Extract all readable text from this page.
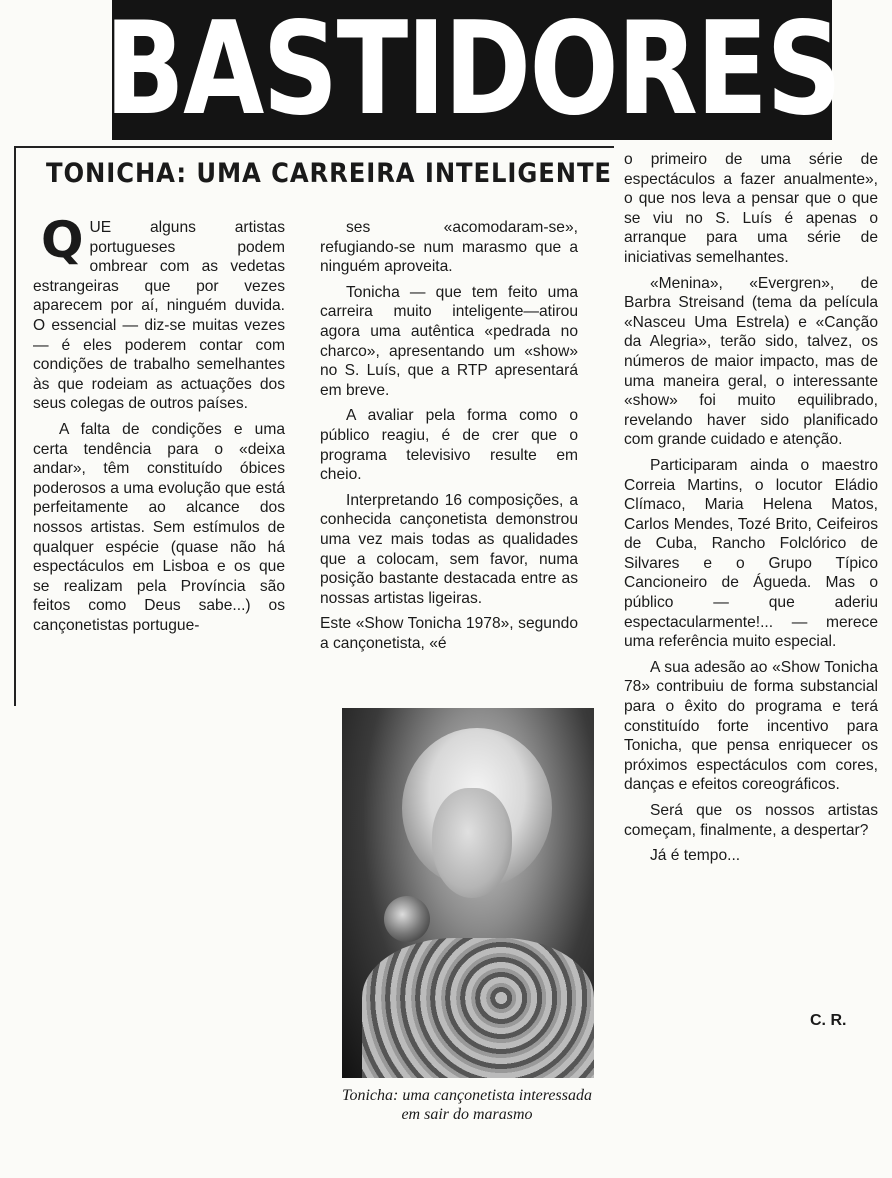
BASTIDORES
TONICHA: UMA CARREIRA INTELIGENTE

QUE alguns artistas portugueses podem ombrear com as vedetas estrangeiras que por vezes aparecem por aí, ninguém duvida. O essencial — diz-se muitas vezes — é eles poderem contar com condições de trabalho semelhantes às que rodeiam as actuações dos seus colegas de outros países.

A falta de condições e uma certa tendência para o «deixa andar», têm constituído óbices poderosos a uma evolução que está perfeitamente ao alcance dos nossos artistas. Sem estímulos de qualquer espécie (quase não há espectáculos em Lisboa e os que se realizam pela Província são feitos como Deus sabe...) os cançonetistas portugue-

ses «acomodaram-se», refugiando-se num marasmo que a ninguém aproveita.

Tonicha — que tem feito uma carreira muito inteligente—atirou agora uma autêntica «pedrada no charco», apresentando um «show» no S. Luís, que a RTP apresentará em breve.

A avaliar pela forma como o público reagiu, é de crer que o programa televisivo resulte em cheio.

Interpretando 16 composições, a conhecida cançonetista demonstrou uma vez mais todas as qualidades que a colocam, sem favor, numa posição bastante destacada entre as nossas artistas ligeiras.

Este «Show Tonicha 1978», segundo a cançonetista, «é

o primeiro de uma série de espectáculos a fazer anualmente», o que nos leva a pensar que o que se viu no S. Luís é apenas o arranque para uma série de iniciativas semelhantes.

«Menina», «Evergren», de Barbra Streisand (tema da película «Nasceu Uma Estrela) e «Canção da Alegria», terão sido, talvez, os números de maior impacto, mas de uma maneira geral, o interessante «show» foi muito equilibrado, revelando haver sido planificado com grande cuidado e atenção.

Participaram ainda o maestro Correia Martins, o locutor Eládio Clímaco, Maria Helena Matos, Carlos Mendes, Tozé Brito, Ceifeiros de Cuba, Rancho Folclórico de Silvares e o Grupo Típico Cancioneiro de Águeda. Mas o público — que aderiu espectacularmente!... — merece uma referência muito especial.

A sua adesão ao «Show Tonicha 78» contribuiu de forma substancial para o êxito do programa e terá constituído forte incentivo para Tonicha, que pensa enriquecer os próximos espectáculos com cores, danças e efeitos coreográficos.

Será que os nossos artistas começam, finalmente, a despertar?

Já é tempo...

C. R.
Tonicha: uma cançonetista interessada em sair do marasmo
